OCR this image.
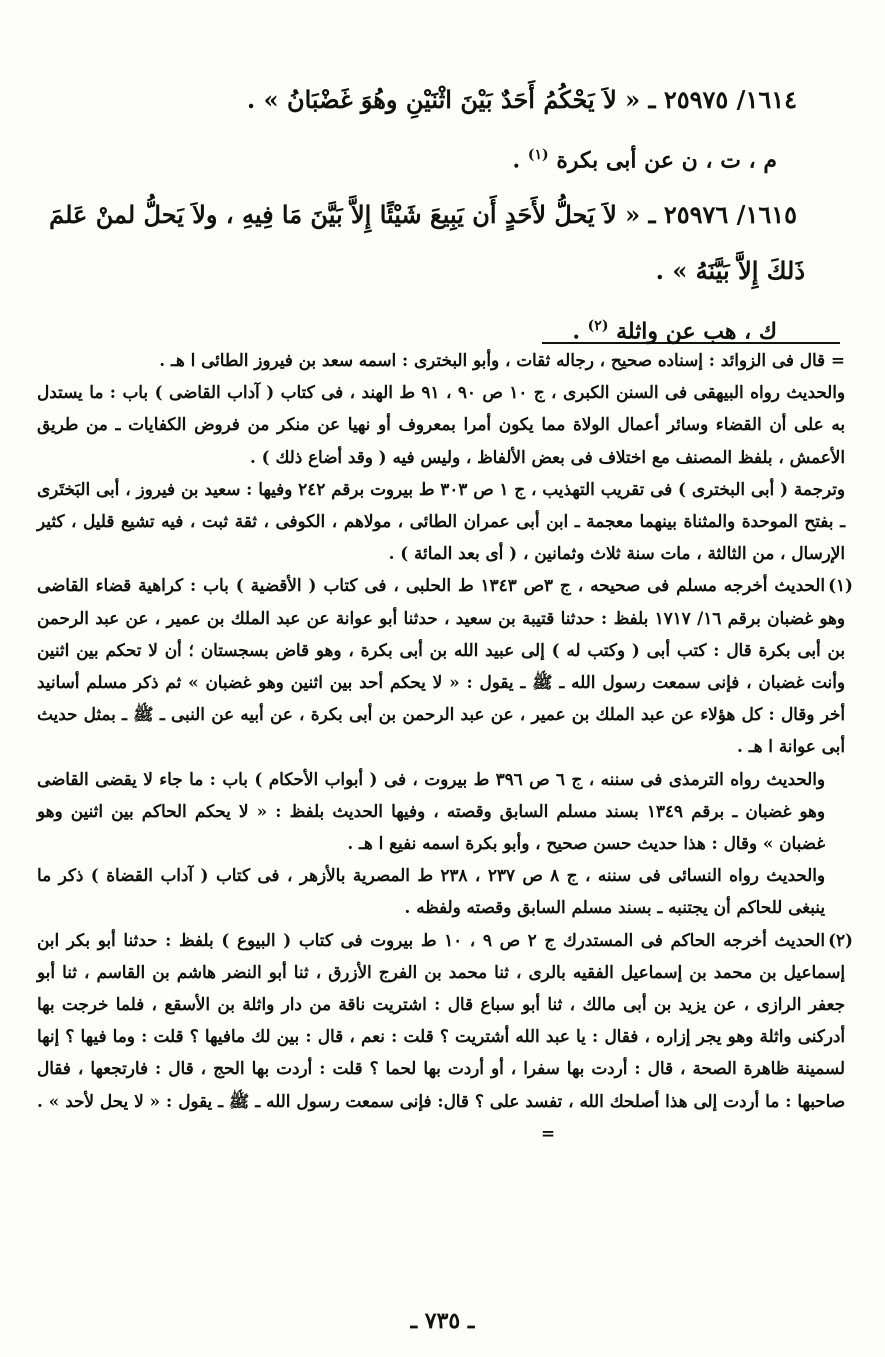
١٦١٤/ ٢٥٩٧٥ ـ « لاَ يَحْكُمُ أَحَدٌ بَيْنَ اثْنَيْنِ وهُوَ غَضْبَانُ » .

م ، ت ، ن عن أبى بكرة $^{(١)}$ .

١٦١٥/ ٢٥٩٧٦ ـ « لاَ يَحلُّ لأَحَدٍ أَن يَبِيعَ شَيْئًا إِلاَّ بَيَّنَ مَا فِيهِ ، ولاَ يَحلُّ لمنْ عَلمَ
ذَلكَ إِلاَّ بَيَّنَهُ » .

ك ، هب عن واثلة $^{(٢)}$ .

= قال فى الزوائد : إسناده صحيح ، رجاله ثقات ، وأبو البخترى : اسمه سعد بن فيروز الطائى ا هـ .

والحديث رواه البيهقى فى السنن الكبرى ، ج ١٠ ص ٩٠ ، ٩١ ط الهند ، فى كتاب ( آداب القاضى ) باب : ما يستدل به على أن القضاء وسائر أعمال الولاة مما يكون أمرا بمعروف أو نهيا عن منكر من فروض الكفايات ـ من طريق الأعمش ، بلفظ المصنف مع اختلاف فى بعض الألفاظ ، وليس فيه ( وقد أضاع ذلك ) .

وترجمة ( أبى البخترى ) فى تقريب التهذيب ، ج ١ ص ٣٠٣ ط بيروت برقم ٢٤٢ وفيها : سعيد بن فيروز ، أبى البَختَرى ـ بفتح الموحدة والمثناة بينهما معجمة ـ ابن أبى عمران الطائى ، مولاهم ، الكوفى ، ثقة ثبت ، فيه تشيع قليل ، كثير الإرسال ، من الثالثة ، مات سنة ثلاث وثمانين ، ( أى بعد المائة ) .

(١)الحديث أخرجه مسلم فى صحيحه ، ج ٣ص ١٣٤٣ ط الحلبى ، فى كتاب ( الأقضية ) باب : كراهية قضاء القاضى وهو غضبان برقم ١٦/ ١٧١٧ بلفظ : حدثنا قتيبة بن سعيد ، حدثنا أبو عوانة عن عبد الملك بن عمير ، عن عبد الرحمن بن أبى بكرة قال : كتب أبى ( وكتب له ) إلى عبيد الله بن أبى بكرة ، وهو قاض بسجستان ؛ أن لا تحكم بين اثنين وأنت غضبان ، فإنى سمعت رسول الله ـ ﷺ ـ يقول : « لا يحكم أحد بين اثنين وهو غضبان » ثم ذكر مسلم أسانيد أخر وقال : كل هؤلاء عن عبد الملك بن عمير ، عن عبد الرحمن بن أبى بكرة ، عن أبيه عن النبى ـ ﷺ ـ بمثل حديث أبى عوانة ا هـ .

والحديث رواه الترمذى فى سننه ، ج ٦ ص ٣٩٦ ط بيروت ، فى ( أبواب الأحكام ) باب : ما جاء لا يقضى القاضى وهو غضبان ـ برقم ١٣٤٩ بسند مسلم السابق وقصته ، وفيها الحديث بلفظ : « لا يحكم الحاكم بين اثنين وهو غضبان » وقال : هذا حديث حسن صحيح ، وأبو بكرة اسمه نفيع ا هـ .

والحديث رواه النسائى فى سننه ، ج ٨ ص ٢٣٧ ، ٢٣٨ ط المصرية بالأزهر ، فى كتاب ( آداب القضاة ) ذكر ما ينبغى للحاكم أن يجتنبه ـ بسند مسلم السابق وقصته ولفظه .

(٢)الحديث أخرجه الحاكم فى المستدرك ج ٢ ص ٩ ، ١٠ ط بيروت فى كتاب ( البيوع ) بلفظ : حدثنا أبو بكر ابن إسماعيل بن محمد بن إسماعيل الفقيه بالرى ، ثنا محمد بن الفرج الأزرق ، ثنا أبو النضر هاشم بن القاسم ، ثنا أبو جعفر الرازى ، عن يزيد بن أبى مالك ، ثنا أبو سباع قال : اشتريت ناقة من دار واثلة بن الأسقع ، فلما خرجت بها أدركنى واثلة وهو يجر إزاره ، فقال : يا عبد الله أشتريت ؟ قلت : نعم ، قال : بين لك مافيها ؟ قلت : وما فيها ؟ إنها لسمينة ظاهرة الصحة ، قال : أردت بها سفرا ، أو أردت بها لحما ؟ قلت : أردت بها الحج ، قال : فارتجعها ، فقال صاحبها : ما أردت إلى هذا أصلحك الله ، تفسد على ؟ قال: فإنى سمعت رسول الله ـ ﷺ ـ يقول : « لا يحل لأحد » .=

ـ ٧٣٥ ـ
